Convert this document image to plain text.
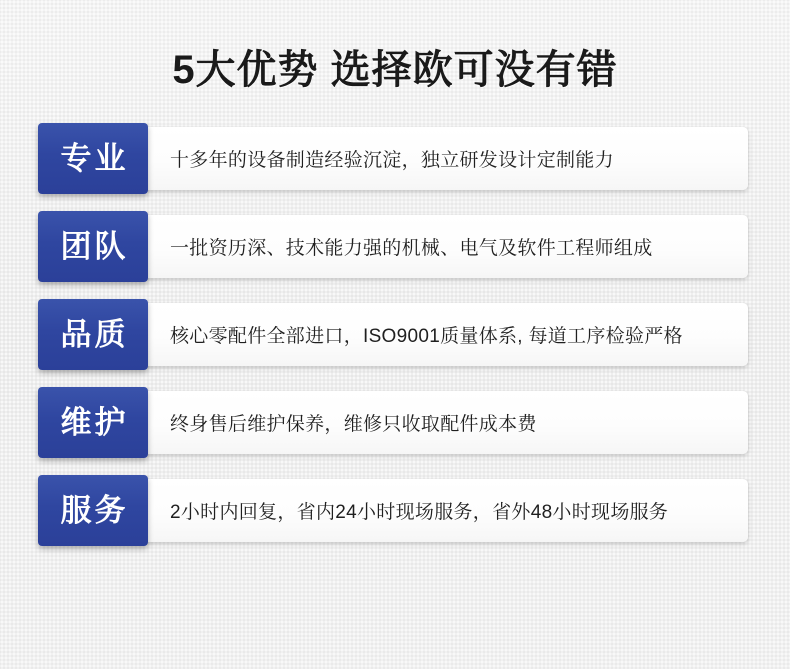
5大优势 选择欧可没有错
专业	十多年的设备制造经验沉淀，独立研发设计定制能力
团队	一批资历深、技术能力强的机械、电气及软件工程师组成
品质	核心零配件全部进口，ISO9001质量体系, 每道工序检验严格
维护	终身售后维护保养，维修只收取配件成本费
服务	2小时内回复，省内24小时现场服务，省外48小时现场服务
